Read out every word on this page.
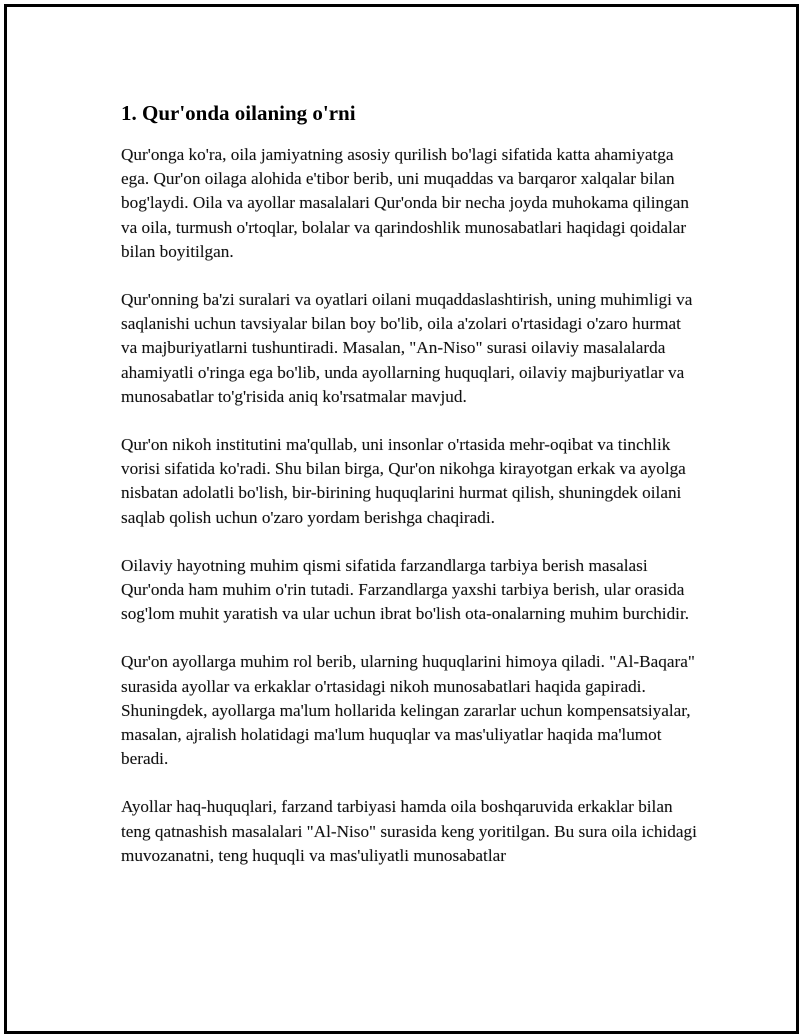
1. Qur'onda oilaning o'rni

Qur'onga ko'ra, oila jamiyatning asosiy qurilish bo'lagi sifatida katta ahamiyatga ega. Qur'on oilaga alohida e'tibor berib, uni muqaddas va barqaror xalqalar bilan bog'laydi. Oila va ayollar masalalari Qur'onda bir necha joyda muhokama qilingan va oila, turmush o'rtoqlar, bolalar va qarindoshlik munosabatlari haqidagi qoidalar bilan boyitilgan.

Qur'onning ba'zi suralari va oyatlari oilani muqaddaslashtirish, uning muhimligi va saqlanishi uchun tavsiyalar bilan boy bo'lib, oila a'zolari o'rtasidagi o'zaro hurmat va majburiyatlarni tushuntiradi. Masalan, "An-Niso" surasi oilaviy masalalarda ahamiyatli o'ringa ega bo'lib, unda ayollarning huquqlari, oilaviy majburiyatlar va munosabatlar to'g'risida aniq ko'rsatmalar mavjud.

Qur'on nikoh institutini ma'qullab, uni insonlar o'rtasida mehr-oqibat va tinchlik vorisi sifatida ko'radi. Shu bilan birga, Qur'on nikohga kirayotgan erkak va ayolga nisbatan adolatli bo'lish, bir-birining huquqlarini hurmat qilish, shuningdek oilani saqlab qolish uchun o'zaro yordam berishga chaqiradi.

Oilaviy hayotning muhim qismi sifatida farzandlarga tarbiya berish masalasi Qur'onda ham muhim o'rin tutadi. Farzandlarga yaxshi tarbiya berish, ular orasida sog'lom muhit yaratish va ular uchun ibrat bo'lish ota-onalarning muhim burchidir.

Qur'on ayollarga muhim rol berib, ularning huquqlarini himoya qiladi. "Al-Baqara" surasida ayollar va erkaklar o'rtasidagi nikoh munosabatlari haqida gapiradi. Shuningdek, ayollarga ma'lum hollarida kelingan zararlar uchun kompensatsiyalar, masalan, ajralish holatidagi ma'lum huquqlar va mas'uliyatlar haqida ma'lumot beradi.

Ayollar haq-huquqlari, farzand tarbiyasi hamda oila boshqaruvida erkaklar bilan teng qatnashish masalalari "Al-Niso" surasida keng yoritilgan. Bu sura oila ichidagi muvozanatni, teng huquqli va mas'uliyatli munosabatlar
